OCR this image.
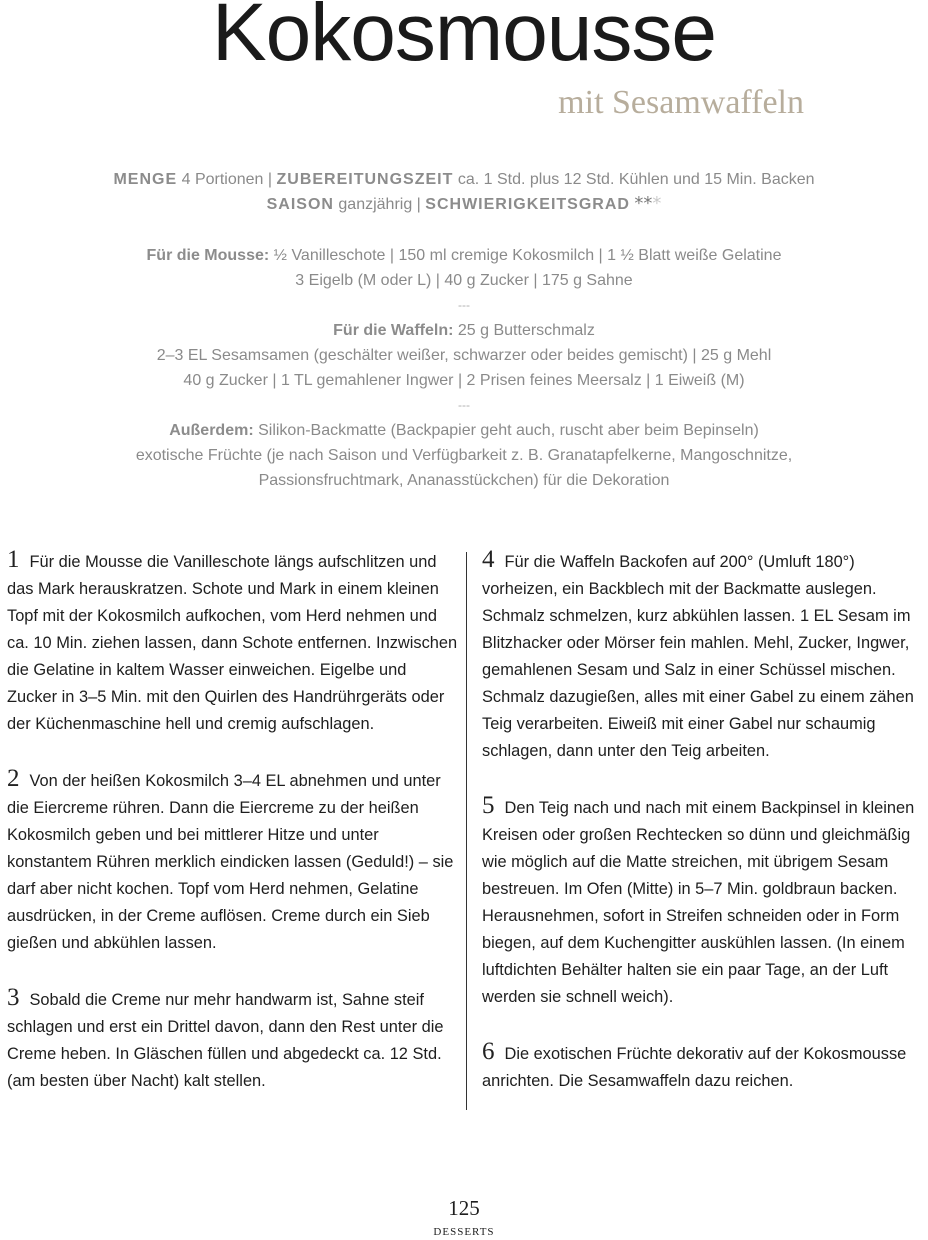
Kokosmousse
mit Sesamwaffeln
MENGE 4 Portionen | ZUBEREITUNGSZEIT ca. 1 Std. plus 12 Std. Kühlen und 15 Min. Backen
SAISON ganzjährig | SCHWIERIGKEITSGRAD ***
Für die Mousse: ½ Vanilleschote | 150 ml cremige Kokosmilch | 1 ½ Blatt weiße Gelatine
3 Eigelb (M oder L) | 40 g Zucker | 175 g Sahne
---
Für die Waffeln: 25 g Butterschmalz
2–3 EL Sesamsamen (geschälter weißer, schwarzer oder beides gemischt) | 25 g Mehl
40 g Zucker | 1 TL gemahlener Ingwer | 2 Prisen feines Meersalz | 1 Eiweiß (M)
---
Außerdem: Silikon-Backmatte (Backpapier geht auch, ruscht aber beim Bepinseln)
exotische Früchte (je nach Saison und Verfügbarkeit z. B. Granatapfelkerne, Mangoschnitze,
Passionsfruchtmark, Ananasstückchen) für die Dekoration

1 Für die Mousse die Vanilleschote längs aufschlitzen und das Mark herauskratzen. Schote und Mark in einem kleinen Topf mit der Kokosmilch aufkochen, vom Herd nehmen und ca. 10 Min. ziehen lassen, dann Schote entfernen. Inzwischen die Gelatine in kaltem Wasser einweichen. Eigelbe und Zucker in 3–5 Min. mit den Quirlen des Handrührgeräts oder der Küchenmaschine hell und cremig aufschlagen.

2 Von der heißen Kokosmilch 3–4 EL abnehmen und unter die Eiercreme rühren. Dann die Eiercreme zu der heißen Kokosmilch geben und bei mittlerer Hitze und unter konstantem Rühren merklich eindicken lassen (Geduld!) – sie darf aber nicht kochen. Topf vom Herd nehmen, Gelatine ausdrücken, in der Creme auflösen. Creme durch ein Sieb gießen und abkühlen lassen.

3 Sobald die Creme nur mehr handwarm ist, Sahne steif schlagen und erst ein Drittel davon, dann den Rest unter die Creme heben. In Gläschen füllen und abgedeckt ca. 12 Std. (am besten über Nacht) kalt stellen.

4 Für die Waffeln Backofen auf 200° (Umluft 180°) vorheizen, ein Backblech mit der Backmatte auslegen. Schmalz schmelzen, kurz abkühlen lassen. 1 EL Sesam im Blitzhacker oder Mörser fein mahlen. Mehl, Zucker, Ingwer, gemahlenen Sesam und Salz in einer Schüssel mischen. Schmalz dazugießen, alles mit einer Gabel zu einem zähen Teig verarbeiten. Eiweiß mit einer Gabel nur schaumig schlagen, dann unter den Teig arbeiten.

5 Den Teig nach und nach mit einem Backpinsel in kleinen Kreisen oder großen Rechtecken so dünn und gleichmäßig wie möglich auf die Matte streichen, mit übrigem Sesam bestreuen. Im Ofen (Mitte) in 5–7 Min. goldbraun backen. Herausnehmen, sofort in Streifen schneiden oder in Form biegen, auf dem Kuchengitter auskühlen lassen. (In einem luftdichten Behälter halten sie ein paar Tage, an der Luft werden sie schnell weich).

6 Die exotischen Früchte dekorativ auf der Kokosmousse anrichten. Die Sesamwaffeln dazu reichen.

125
DESSERTS
